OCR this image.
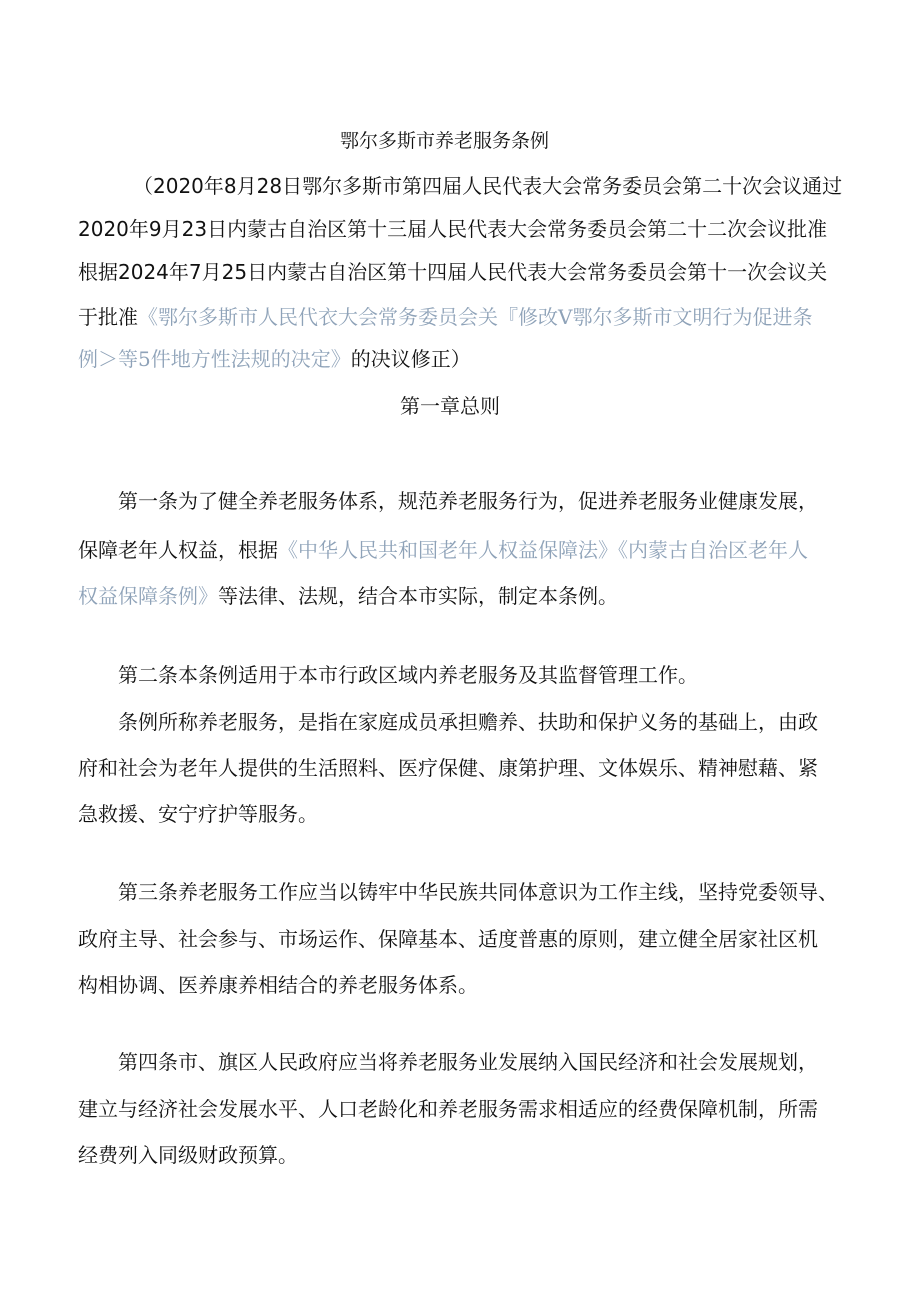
鄂尔多斯市养老服务条例
（2020年8月28日鄂尔多斯市第四届人民代表大会常务委员会第二十次会议通过
2020年9月23日内蒙古自治区第十三届人民代表大会常务委员会第二十二次会议批准
根据2024年7月25日内蒙古自治区第十四届人民代表大会常务委员会第十一次会议关
于批准《鄂尔多斯市人民代衣大会常务委员会关『修改V鄂尔多斯市文明行为促进条
例＞等5件地方性法规的决定》的决议修正）
第一章总则
第一条为了健全养老服务体系，规范养老服务行为，促进养老服务业健康发展，
保障老年人权益，根据《中华人民共和国老年人权益保障法》《内蒙古自治区老年人
权益保障条例》等法律、法规，结合本市实际，制定本条例。
第二条本条例适用于本市行政区域内养老服务及其监督管理工作。
条例所称养老服务，是指在家庭成员承担赡养、扶助和保护义务的基础上，由政
府和社会为老年人提供的生活照料、医疗保健、康第护理、文体娱乐、精神慰藉、紧
急救援、安宁疗护等服务。
第三条养老服务工作应当以铸牢中华民族共同体意识为工作主线，坚持党委领导、
政府主导、社会参与、市场运作、保障基本、适度普惠的原则，建立健全居家社区机
构相协调、医养康养相结合的养老服务体系。
第四条市、旗区人民政府应当将养老服务业发展纳入国民经济和社会发展规划，
建立与经济社会发展水平、人口老龄化和养老服务需求相适应的经费保障机制，所需
经费列入同级财政预算。
